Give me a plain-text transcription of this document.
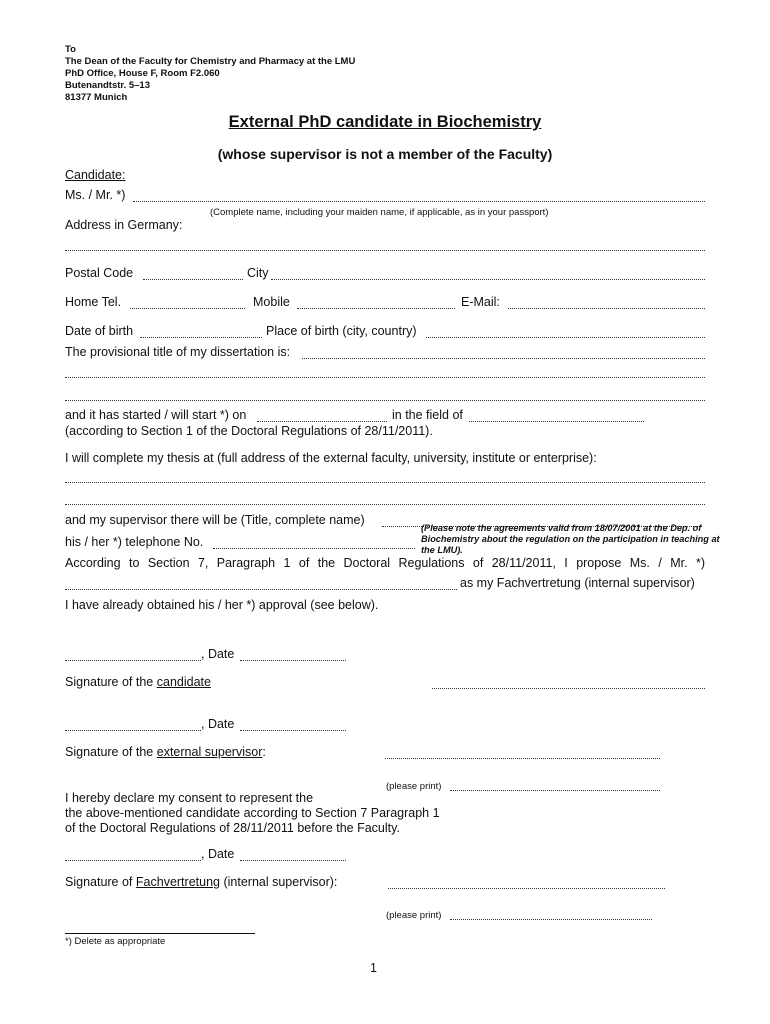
To
The Dean of the Faculty for Chemistry and Pharmacy at the LMU
PhD Office, House F, Room F2.060
Butenandtstr. 5–13
81377 Munich
External PhD candidate in Biochemistry
(whose supervisor is not a member of the Faculty)
Candidate:
Ms. / Mr. *)
(Complete name, including your maiden name, if applicable, as in your passport)
Address in Germany:
Postal Code	City
Home Tel.	Mobile	E-Mail:
Date of birth	Place of birth (city, country)
The provisional title of my dissertation is:
and it has started / will start *) on	in the field of
(according to Section 1 of the Doctoral Regulations of 28/11/2011).
I will complete my thesis at (full address of the external faculty, university, institute or enterprise):
and my supervisor there will be (Title, complete name)
(Please note the agreements valid from 18/07/2001 at the Dep. of Biochemistry about the regulation on the participation in teaching at the LMU).
his / her *) telephone No.
According to Section 7, Paragraph 1 of the Doctoral Regulations of 28/11/2011, I propose Ms. / Mr. *)
as my Fachvertretung (internal supervisor)
I have already obtained his / her *) approval (see below).
, Date
Signature of the candidate
, Date
Signature of the external supervisor:
(please print)
I hereby declare my consent to represent the
the above-mentioned candidate according to Section 7 Paragraph 1
of the Doctoral Regulations of 28/11/2011 before the Faculty.
, Date
Signature of Fachvertretung (internal supervisor):
(please print)
*) Delete as appropriate
1
